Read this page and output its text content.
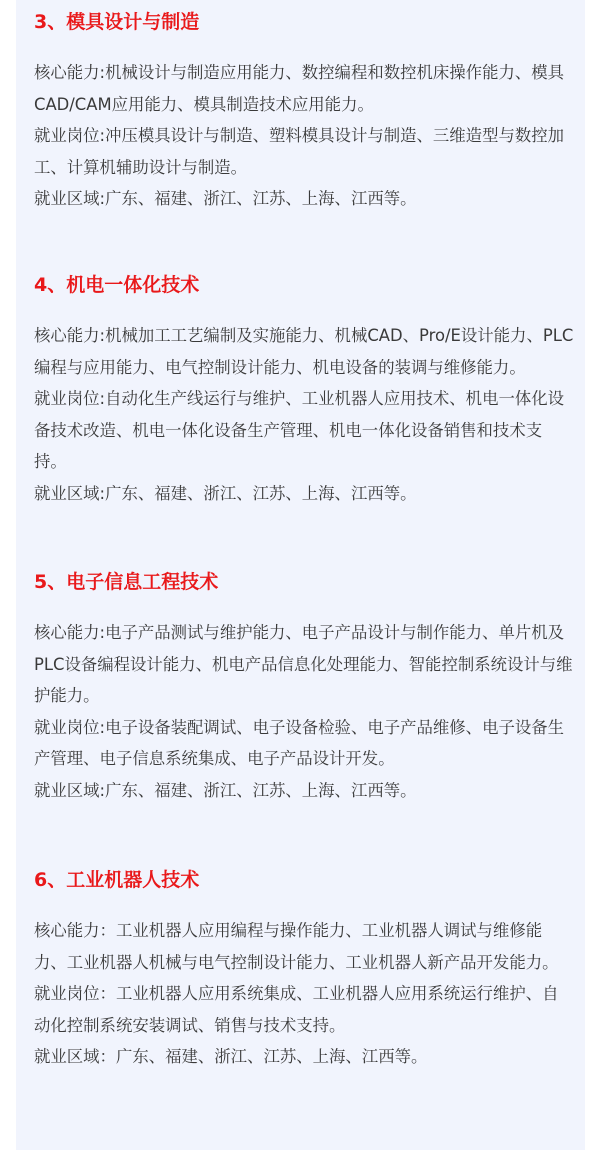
3、模具设计与制造

核心能力:机械设计与制造应用能力、数控编程和数控机床操作能力、模具CAD/CAM应用能力、模具制造技术应用能力。

就业岗位:冲压模具设计与制造、塑料模具设计与制造、三维造型与数控加工、计算机辅助设计与制造。

就业区域:广东、福建、浙江、江苏、上海、江西等。

4、机电一体化技术

核心能力:机械加工工艺编制及实施能力、机械CAD、Pro/E设计能力、PLC编程与应用能力、电气控制设计能力、机电设备的装调与维修能力。

就业岗位:自动化生产线运行与维护、工业机器人应用技术、机电一体化设备技术改造、机电一体化设备生产管理、机电一体化设备销售和技术支持。

就业区域:广东、福建、浙江、江苏、上海、江西等。

5、电子信息工程技术

核心能力:电子产品测试与维护能力、电子产品设计与制作能力、单片机及PLC设备编程设计能力、机电产品信息化处理能力、智能控制系统设计与维护能力。

就业岗位:电子设备装配调试、电子设备检验、电子产品维修、电子设备生产管理、电子信息系统集成、电子产品设计开发。

就业区域:广东、福建、浙江、江苏、上海、江西等。

6、工业机器人技术

核心能力：工业机器人应用编程与操作能力、工业机器人调试与维修能力、工业机器人机械与电气控制设计能力、工业机器人新产品开发能力。

就业岗位：工业机器人应用系统集成、工业机器人应用系统运行维护、自动化控制系统安装调试、销售与技术支持。

就业区域：广东、福建、浙江、江苏、上海、江西等。
